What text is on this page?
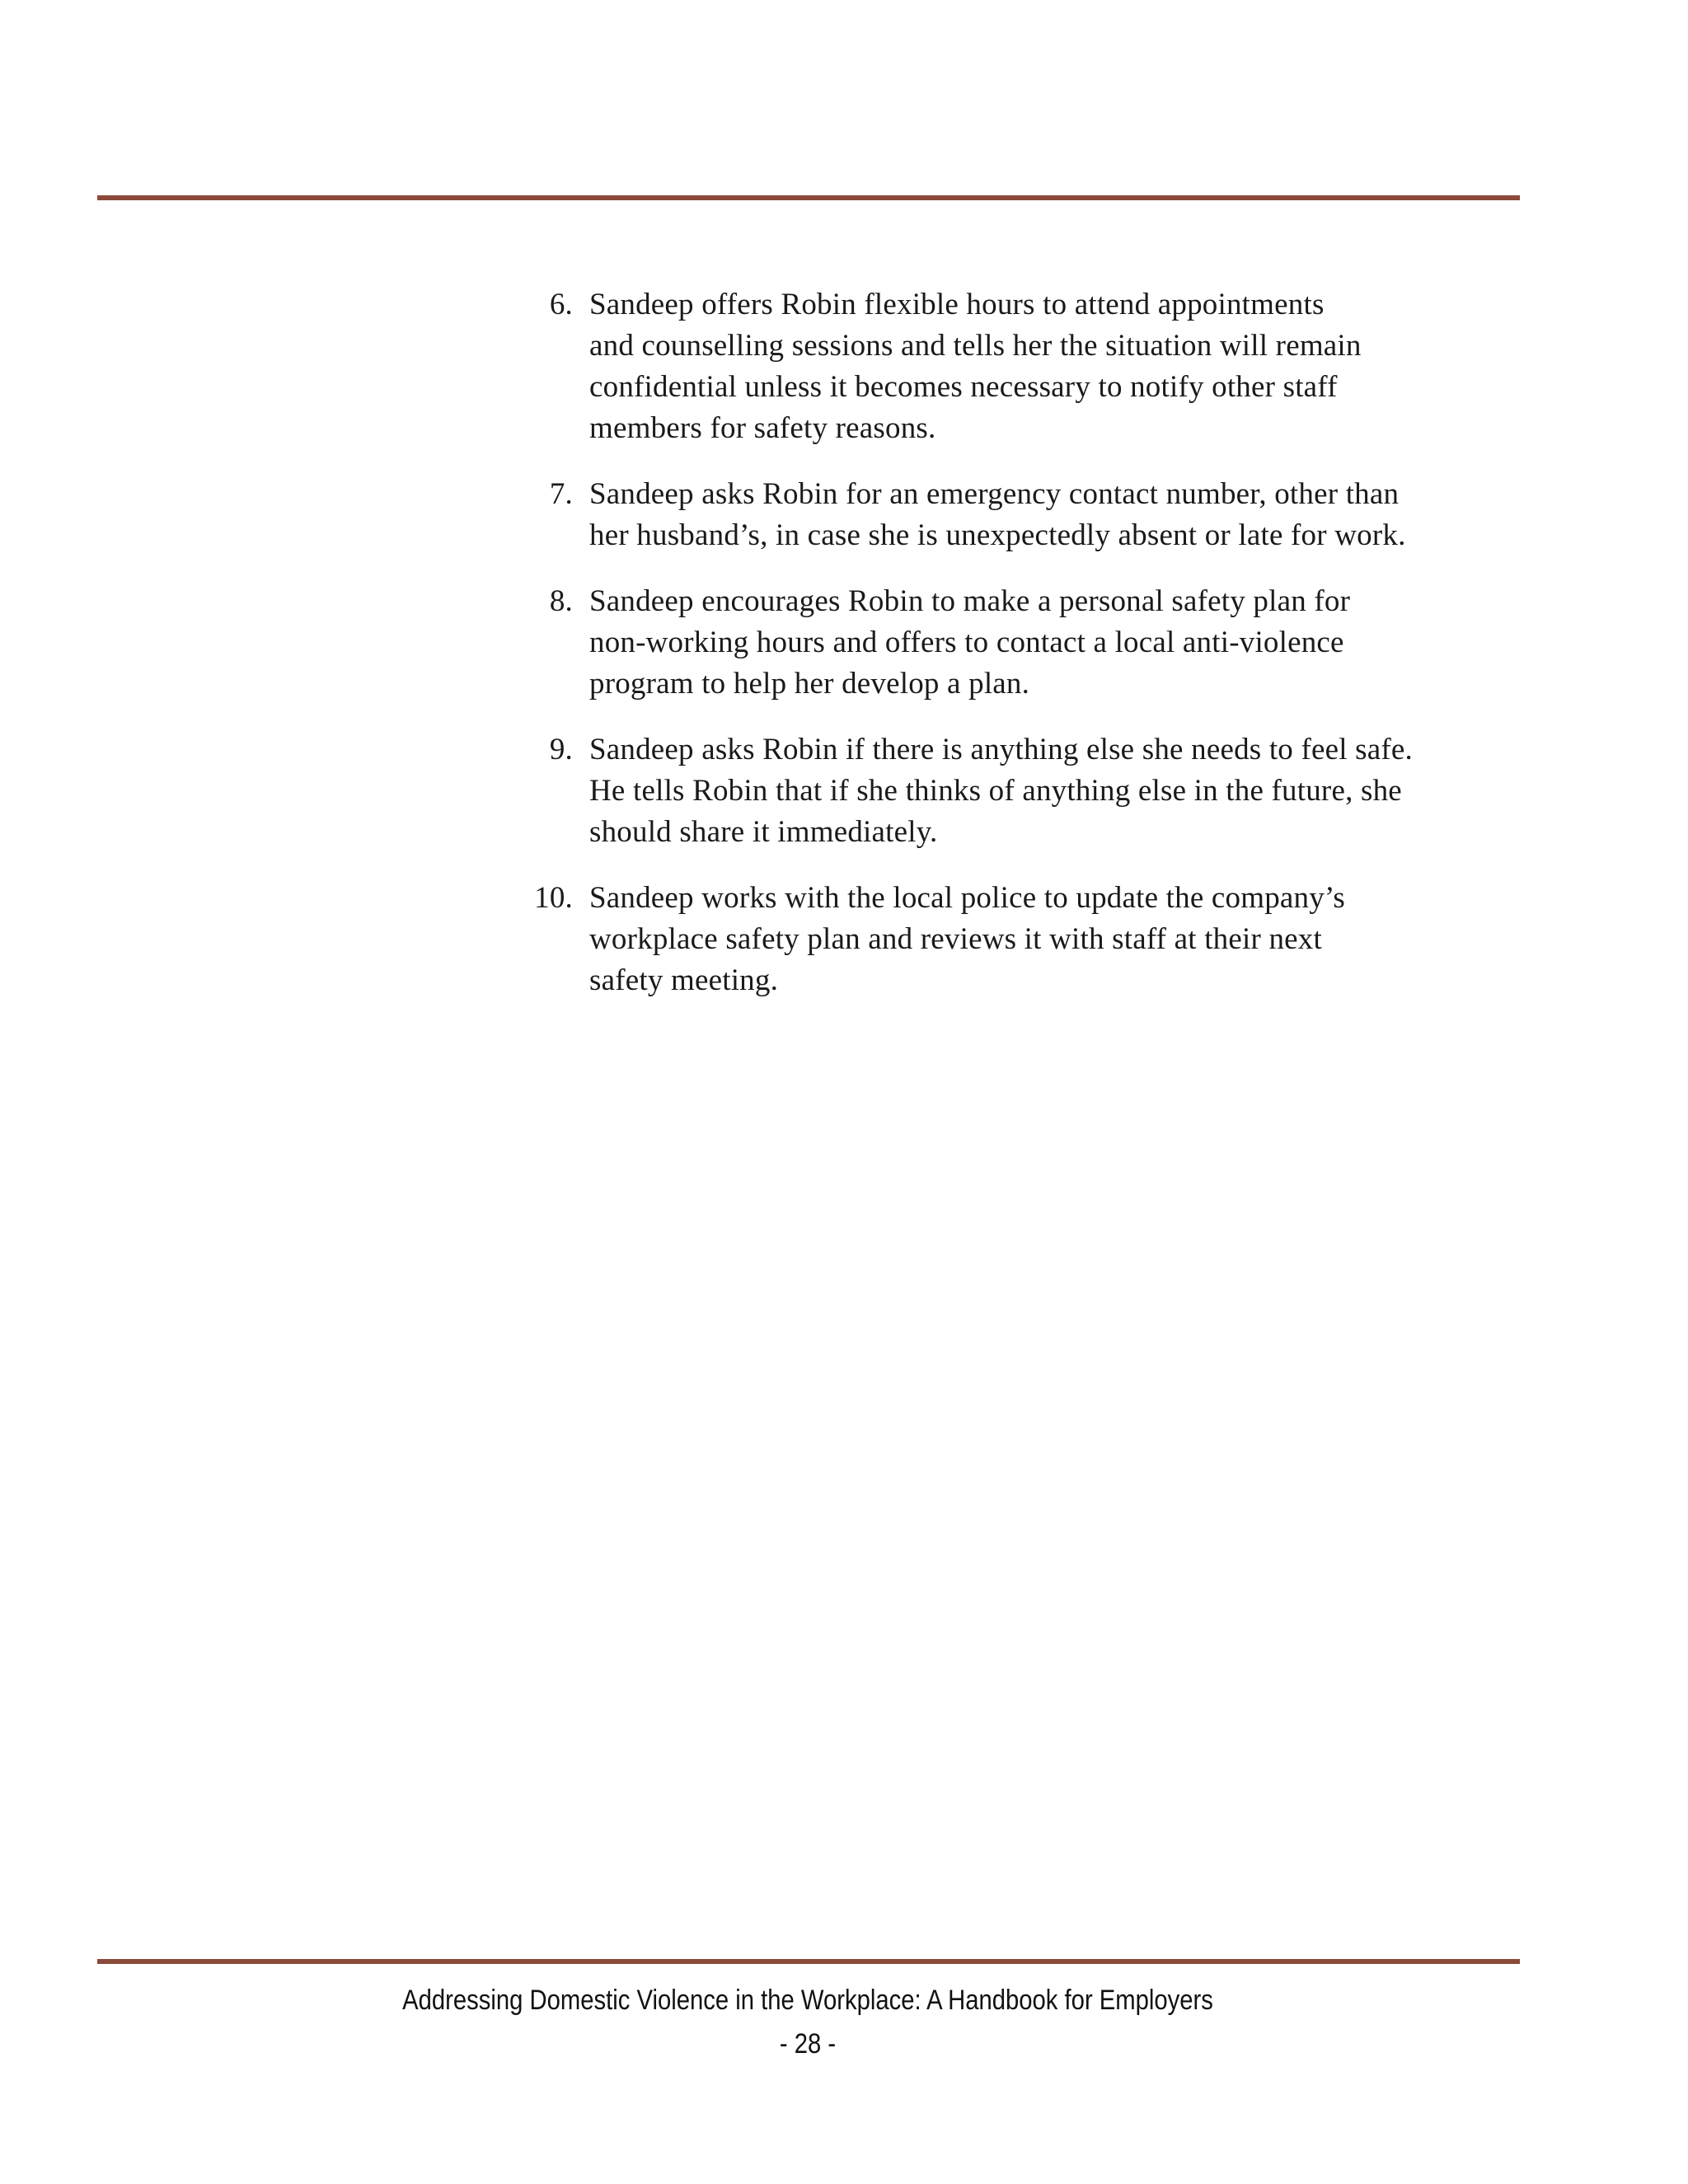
6. Sandeep offers Robin flexible hours to attend appointments
and counselling sessions and tells her the situation will remain
confidential unless it becomes necessary to notify other staff
members for safety reasons.
7. Sandeep asks Robin for an emergency contact number, other than
her husband’s, in case she is unexpectedly absent or late for work.
8. Sandeep encourages Robin to make a personal safety plan for
non-working hours and offers to contact a local anti-violence
program to help her develop a plan.
9. Sandeep asks Robin if there is anything else she needs to feel safe.
He tells Robin that if she thinks of anything else in the future, she
should share it immediately.
10. Sandeep works with the local police to update the company’s
workplace safety plan and reviews it with staff at their next
safety meeting.
Addressing Domestic Violence in the Workplace: A Handbook for Employers
- 28 -
